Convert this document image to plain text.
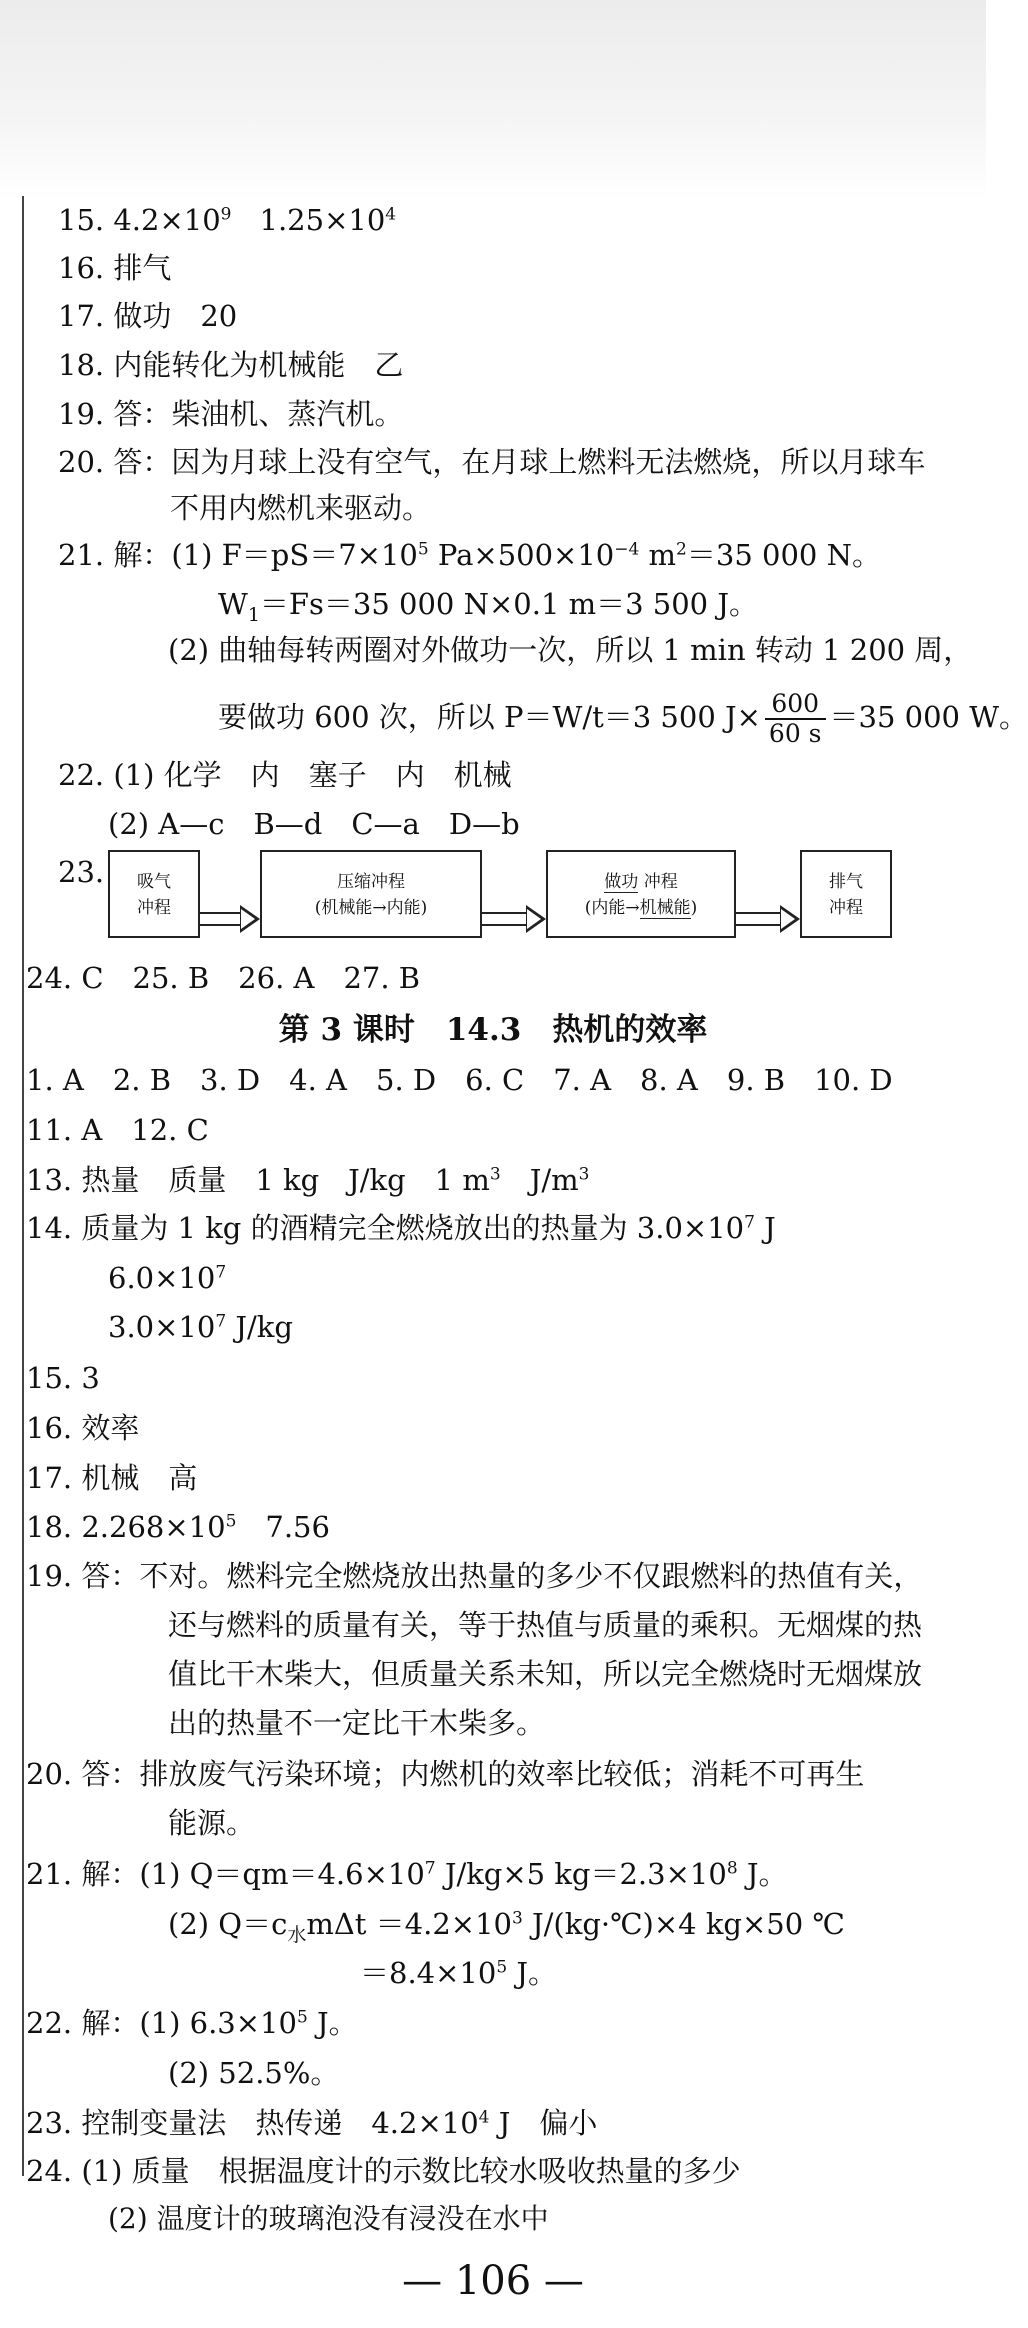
15. $4.2\times 10^9$ $1.25\times 10^4$
16. 排气
17. 做功　20
18. 内能转化为机械能　乙
19. 答：柴油机、蒸汽机。
20. 答：因为月球上没有空气，在月球上燃料无法燃烧，所以月球车
不用内燃机来驱动。
21. 解：(1) $F=pS=7\times 10^5$ $Pa\times 500\times 10^{-4}$ $m^2=35$ 000 N。
$W_1=Fs=35$ 000 N×0.1 m＝3 500 J。
(2) 曲轴每转两圈对外做功一次，所以 1 min 转动 1 200 周，
要做功 600 次，所以 P＝W/t＝3 500 $J\times \frac{600}{60 s} =35$ 000 W。
22. (1) 化学　内　塞子　内　机械
(2) A—c　B—d　C—a　D—b
23.	吸气
冲程
压缩冲程
(机械能→内能)
做功 冲程
(内能→机械能)
排气
冲程
24. C　25. B　26. A　27. B
第 3 课时　14.3　热机的效率
1. A　2. B　3. D　4. A　5. D　6. C　7. A　8. A　9. B　10. D
11. A　12. C
13. 热量　质量　1 kg　J/kg　1 $m^3$　$J/m^3$
14. 质量为 1 kg 的酒精完全燃烧放出的热量为 $3.0\times 10^7$ J
$6.0\times 10^7$
$3.0\times 10^7$ J/kg
15. 3
16. 效率
17. 机械　高
18. $2.268\times 10^5$　7.56
19. 答：不对。燃料完全燃烧放出热量的多少不仅跟燃料的热值有关，
还与燃料的质量有关，等于热值与质量的乘积。无烟煤的热
值比干木柴大，但质量关系未知，所以完全燃烧时无烟煤放
出的热量不一定比干木柴多。
20. 答：排放废气污染环境；内燃机的效率比较低；消耗不可再生
能源。
21. 解：(1) $Q=qm=4.6\times 10^7$ J/kg×5 $kg=2.3\times 10^8$ J。
(2) $Q=c_水m\Delta t =4.2\times 10^3$ J/(kg·℃)×4 kg×50 ℃
$=8.4\times 10^5$ J。
22. 解：(1) $6.3\times 10^5$ J。
(2) 52.5%。
23. 控制变量法　热传递　$4.2\times 10^4$ J　偏小
24. (1) 质量　根据温度计的示数比较水吸收热量的多少
(2) 温度计的玻璃泡没有浸没在水中
— 106 —
